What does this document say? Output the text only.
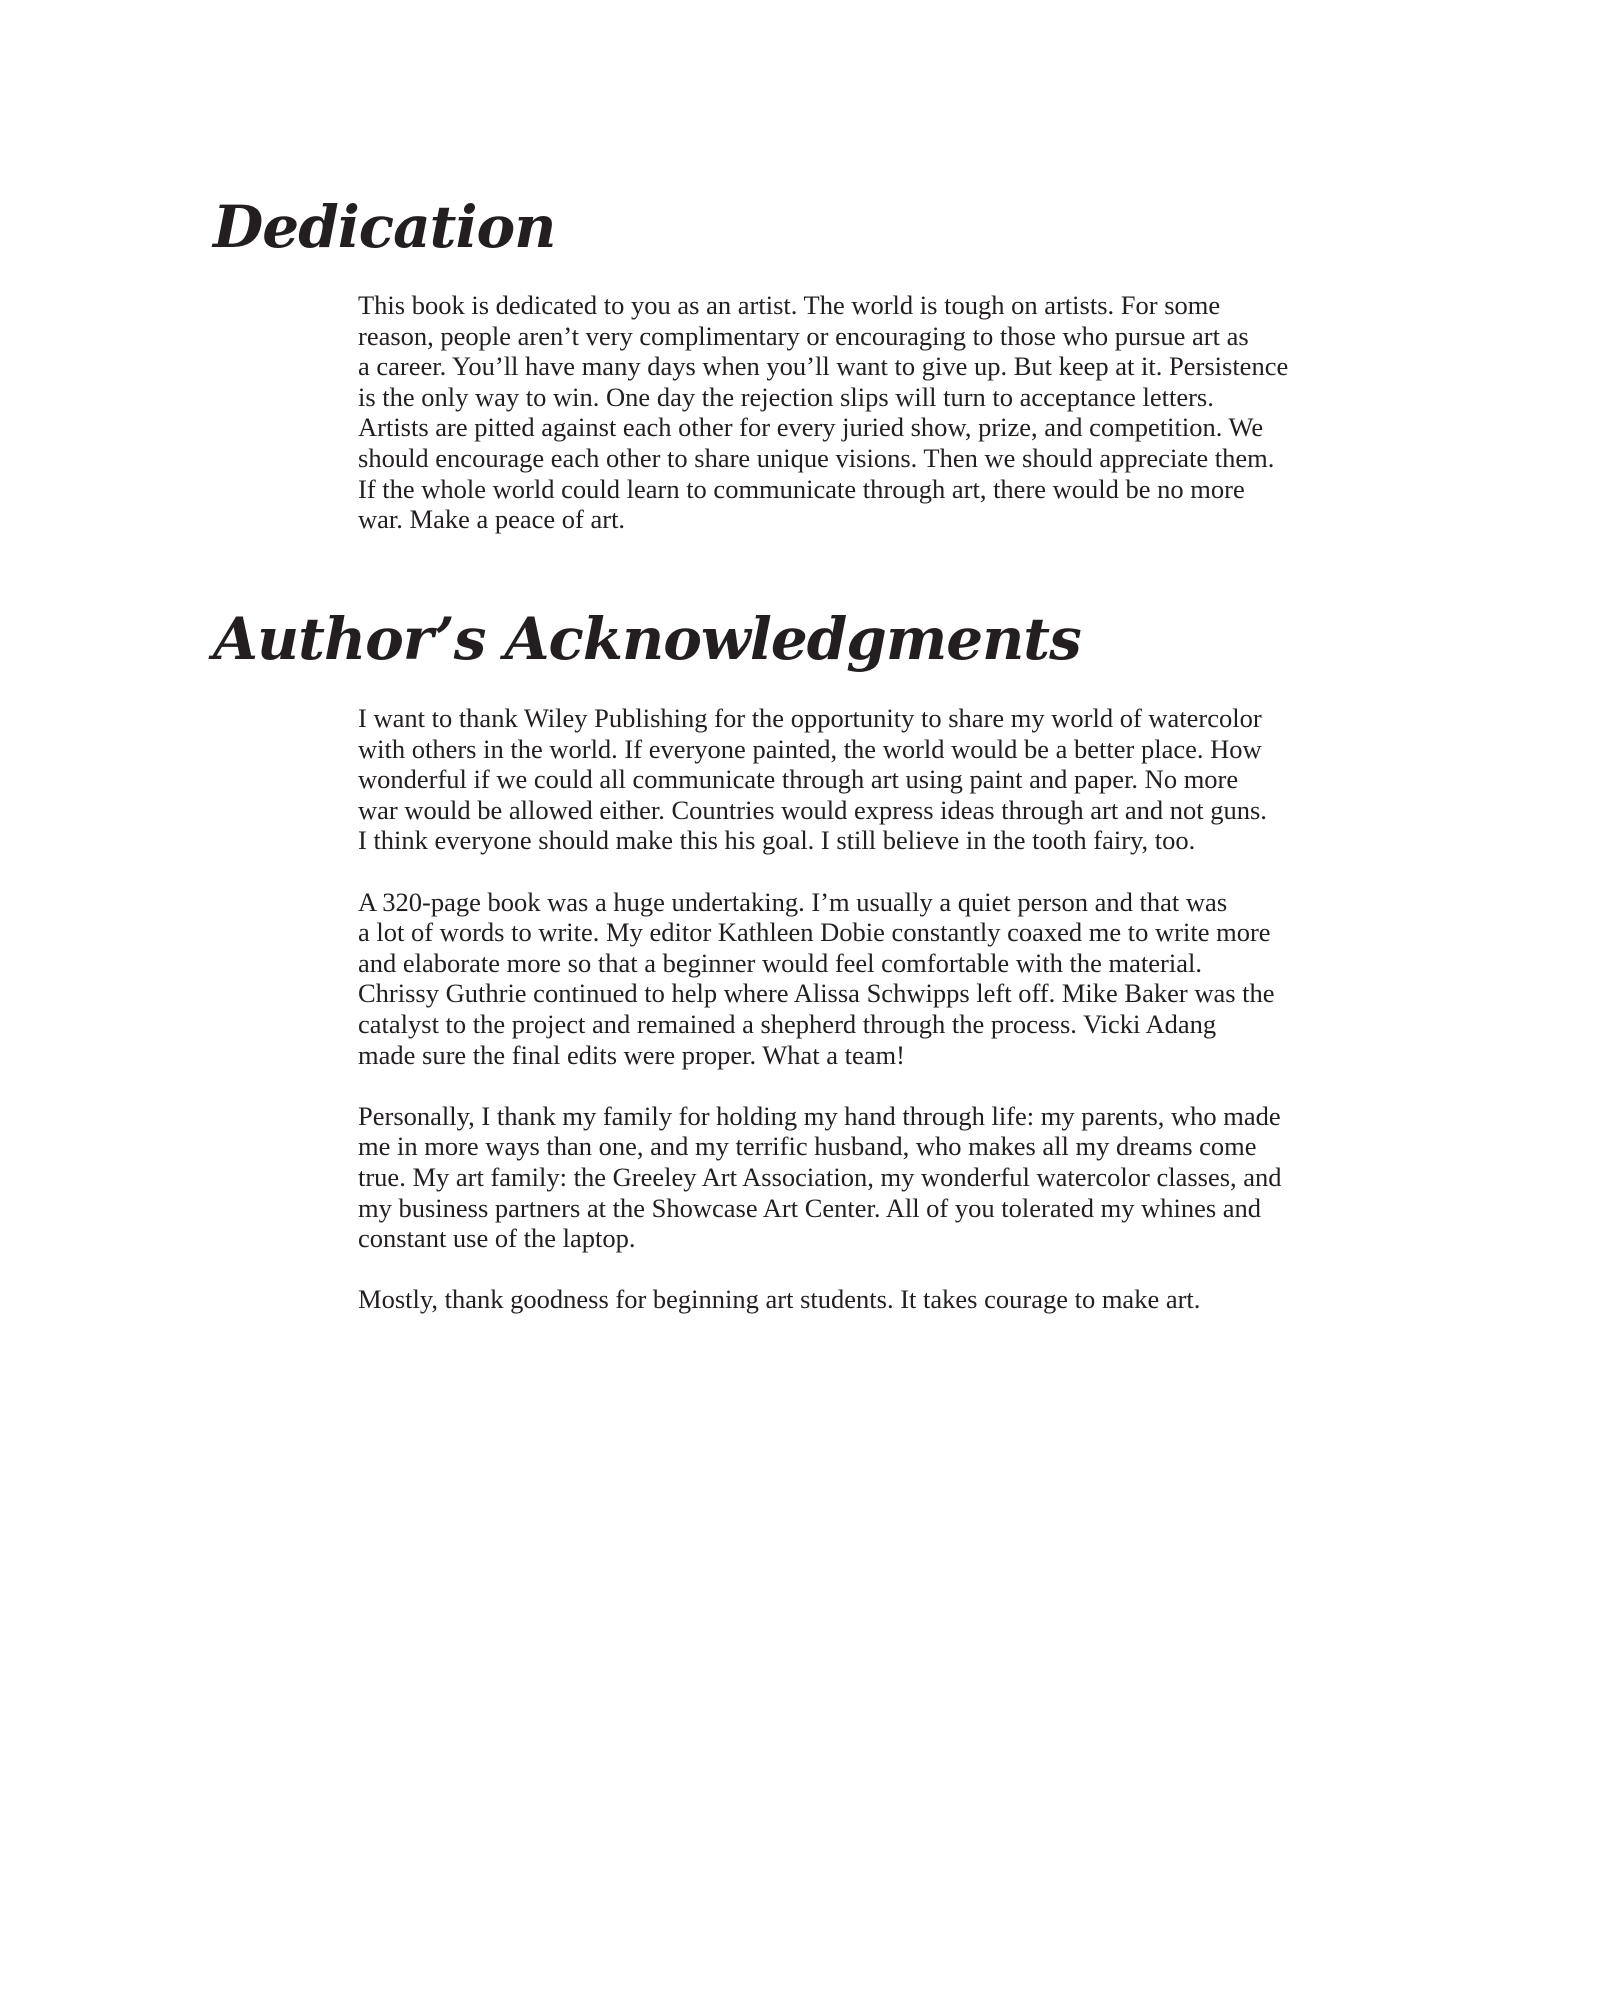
Dedication

This book is dedicated to you as an artist. The world is tough on artists. For some
reason, people aren’t very complimentary or encouraging to those who pursue art as
a career. You’ll have many days when you’ll want to give up. But keep at it. Persistence
is the only way to win. One day the rejection slips will turn to acceptance letters.
Artists are pitted against each other for every juried show, prize, and competition. We
should encourage each other to share unique visions. Then we should appreciate them.
If the whole world could learn to communicate through art, there would be no more
war. Make a peace of art.

Author’s Acknowledgments

I want to thank Wiley Publishing for the opportunity to share my world of watercolor
with others in the world. If everyone painted, the world would be a better place. How
wonderful if we could all communicate through art using paint and paper. No more
war would be allowed either. Countries would express ideas through art and not guns.
I think everyone should make this his goal. I still believe in the tooth fairy, too.

A 320-page book was a huge undertaking. I’m usually a quiet person and that was
a lot of words to write. My editor Kathleen Dobie constantly coaxed me to write more
and elaborate more so that a beginner would feel comfortable with the material.
Chrissy Guthrie continued to help where Alissa Schwipps left off. Mike Baker was the
catalyst to the project and remained a shepherd through the process. Vicki Adang
made sure the final edits were proper. What a team!

Personally, I thank my family for holding my hand through life: my parents, who made
me in more ways than one, and my terrific husband, who makes all my dreams come
true. My art family: the Greeley Art Association, my wonderful watercolor classes, and
my business partners at the Showcase Art Center. All of you tolerated my whines and
constant use of the laptop.

Mostly, thank goodness for beginning art students. It takes courage to make art.
